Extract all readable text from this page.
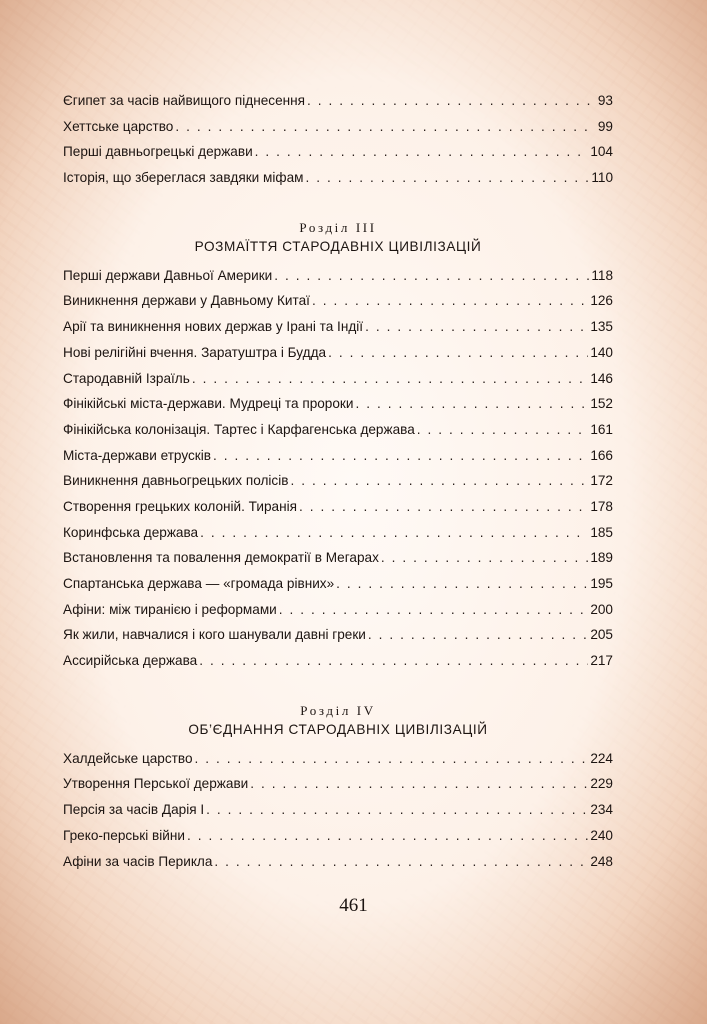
Єгипет за часів найвищого піднесення . . .	93
Хеттське царство . . .	99
Перші давньогрецькі держави . . .	104
Історія, що збереглася завдяки міфам . . .	110
Розділ III
РОЗМАЇТТЯ СТАРОДАВНІХ ЦИВІЛІЗАЦІЙ
Перші держави Давньої Америки . . .	118
Виникнення держави у Давньому Китаї . . .	126
Арії та виникнення нових держав у Ірані та Індії . . .	135
Нові релігійні вчення. Заратуштра і Будда . . .	140
Стародавній Ізраїль . . .	146
Фінікійські міста-держави. Мудреці та пророки . . .	152
Фінікійська колонізація. Тартес і Карфагенська держава . . .	161
Міста-держави етрусків . . .	166
Виникнення давньогрецьких полісів . . .	172
Створення грецьких колоній. Тиранія . . .	178
Коринфська держава . . .	185
Встановлення та повалення демократії в Мегарах . . .	189
Спартанська держава — «громада рівних» . . .	195
Афіни: між тиранією і реформами . . .	200
Як жили, навчалися і кого шанували давні греки . . .	205
Ассирійська держава . . .	217
Розділ IV
ОБ’ЄДНАННЯ СТАРОДАВНІХ ЦИВІЛІЗАЦІЙ
Халдейське царство . . .	224
Утворення Перської держави . . .	229
Персія за часів Дарія I . . .	234
Греко-перські війни . . .	240
Афіни за часів Перикла . . .	248
461
